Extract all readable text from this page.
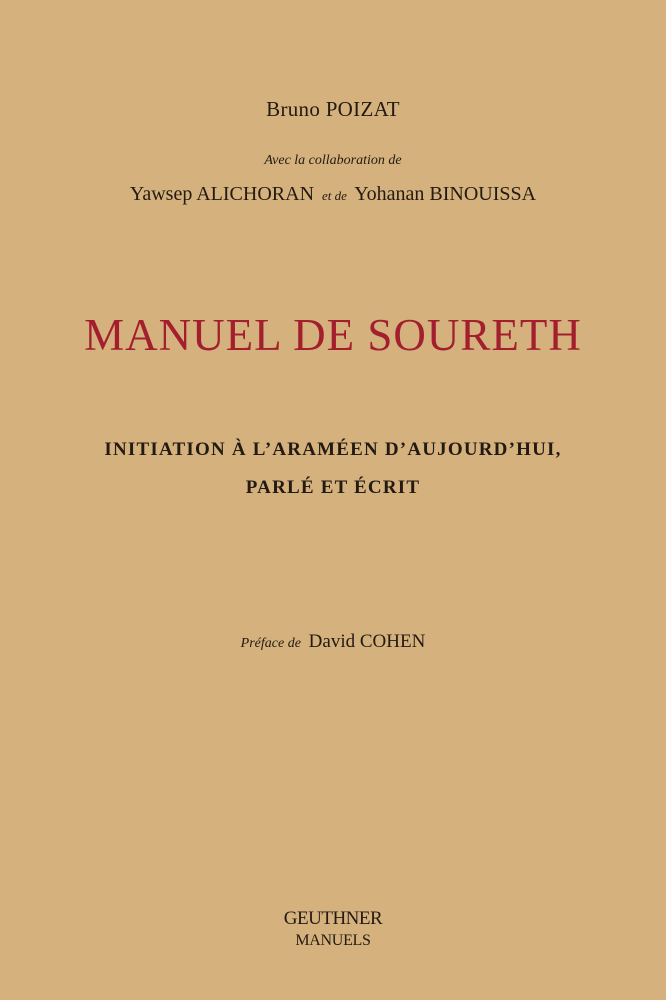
Bruno POIZAT
Avec la collaboration de
Yawsep ALICHORAN et de Yohanan BINOUISSA
MANUEL DE SOURETH
INITIATION À L’ARAMÉEN D’AUJOURD’HUI,
PARLÉ ET ÉCRIT
Préface de David COHEN
GEUTHNER
MANUELS
